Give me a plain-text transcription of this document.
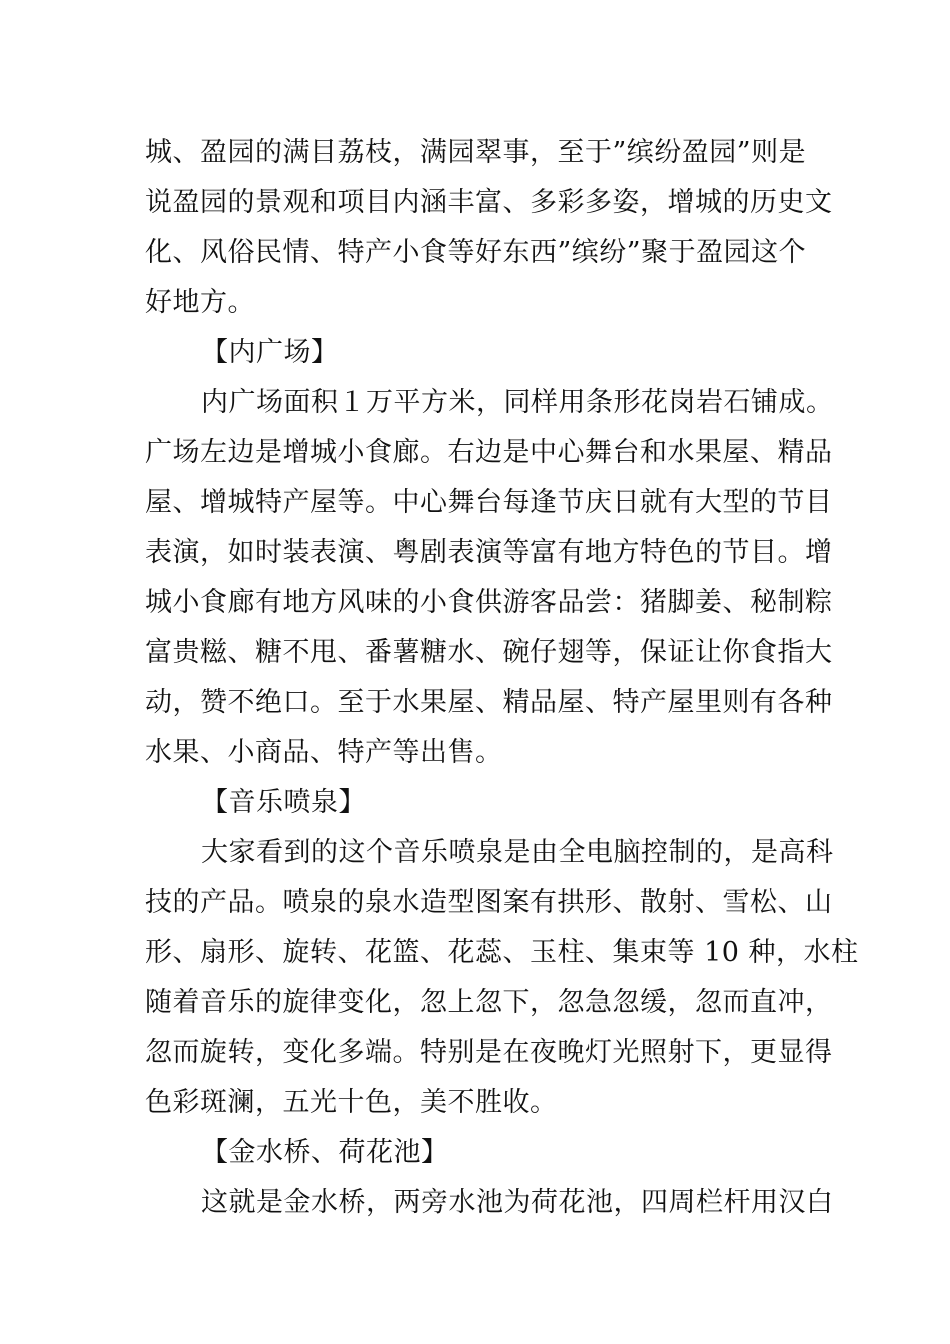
城、盈园的满目荔枝，满园翠事，至于”缤纷盈园”则是
说盈园的景观和项目内涵丰富、多彩多姿，增城的历史文
化、风俗民情、特产小食等好东西”缤纷”聚于盈园这个
好地方。
【内广场】
内广场面积１万平方米，同样用条形花岗岩石铺成。
广场左边是增城小食廊。右边是中心舞台和水果屋、精品
屋、增城特产屋等。中心舞台每逢节庆日就有大型的节目
表演，如时装表演、粤剧表演等富有地方特色的节目。增
城小食廊有地方风味的小食供游客品尝：猪脚姜、秘制粽
富贵糍、糖不甩、番薯糖水、碗仔翅等，保证让你食指大
动，赞不绝口。至于水果屋、精品屋、特产屋里则有各种
水果、小商品、特产等出售。
【音乐喷泉】
大家看到的这个音乐喷泉是由全电脑控制的，是高科
技的产品。喷泉的泉水造型图案有拱形、散射、雪松、山
形、扇形、旋转、花篮、花蕊、玉柱、集束等 10 种，水柱
随着音乐的旋律变化，忽上忽下，忽急忽缓，忽而直冲，
忽而旋转，变化多端。特别是在夜晚灯光照射下，更显得
色彩斑澜，五光十色，美不胜收。
【金水桥、荷花池】
这就是金水桥，两旁水池为荷花池，四周栏杆用汉白
